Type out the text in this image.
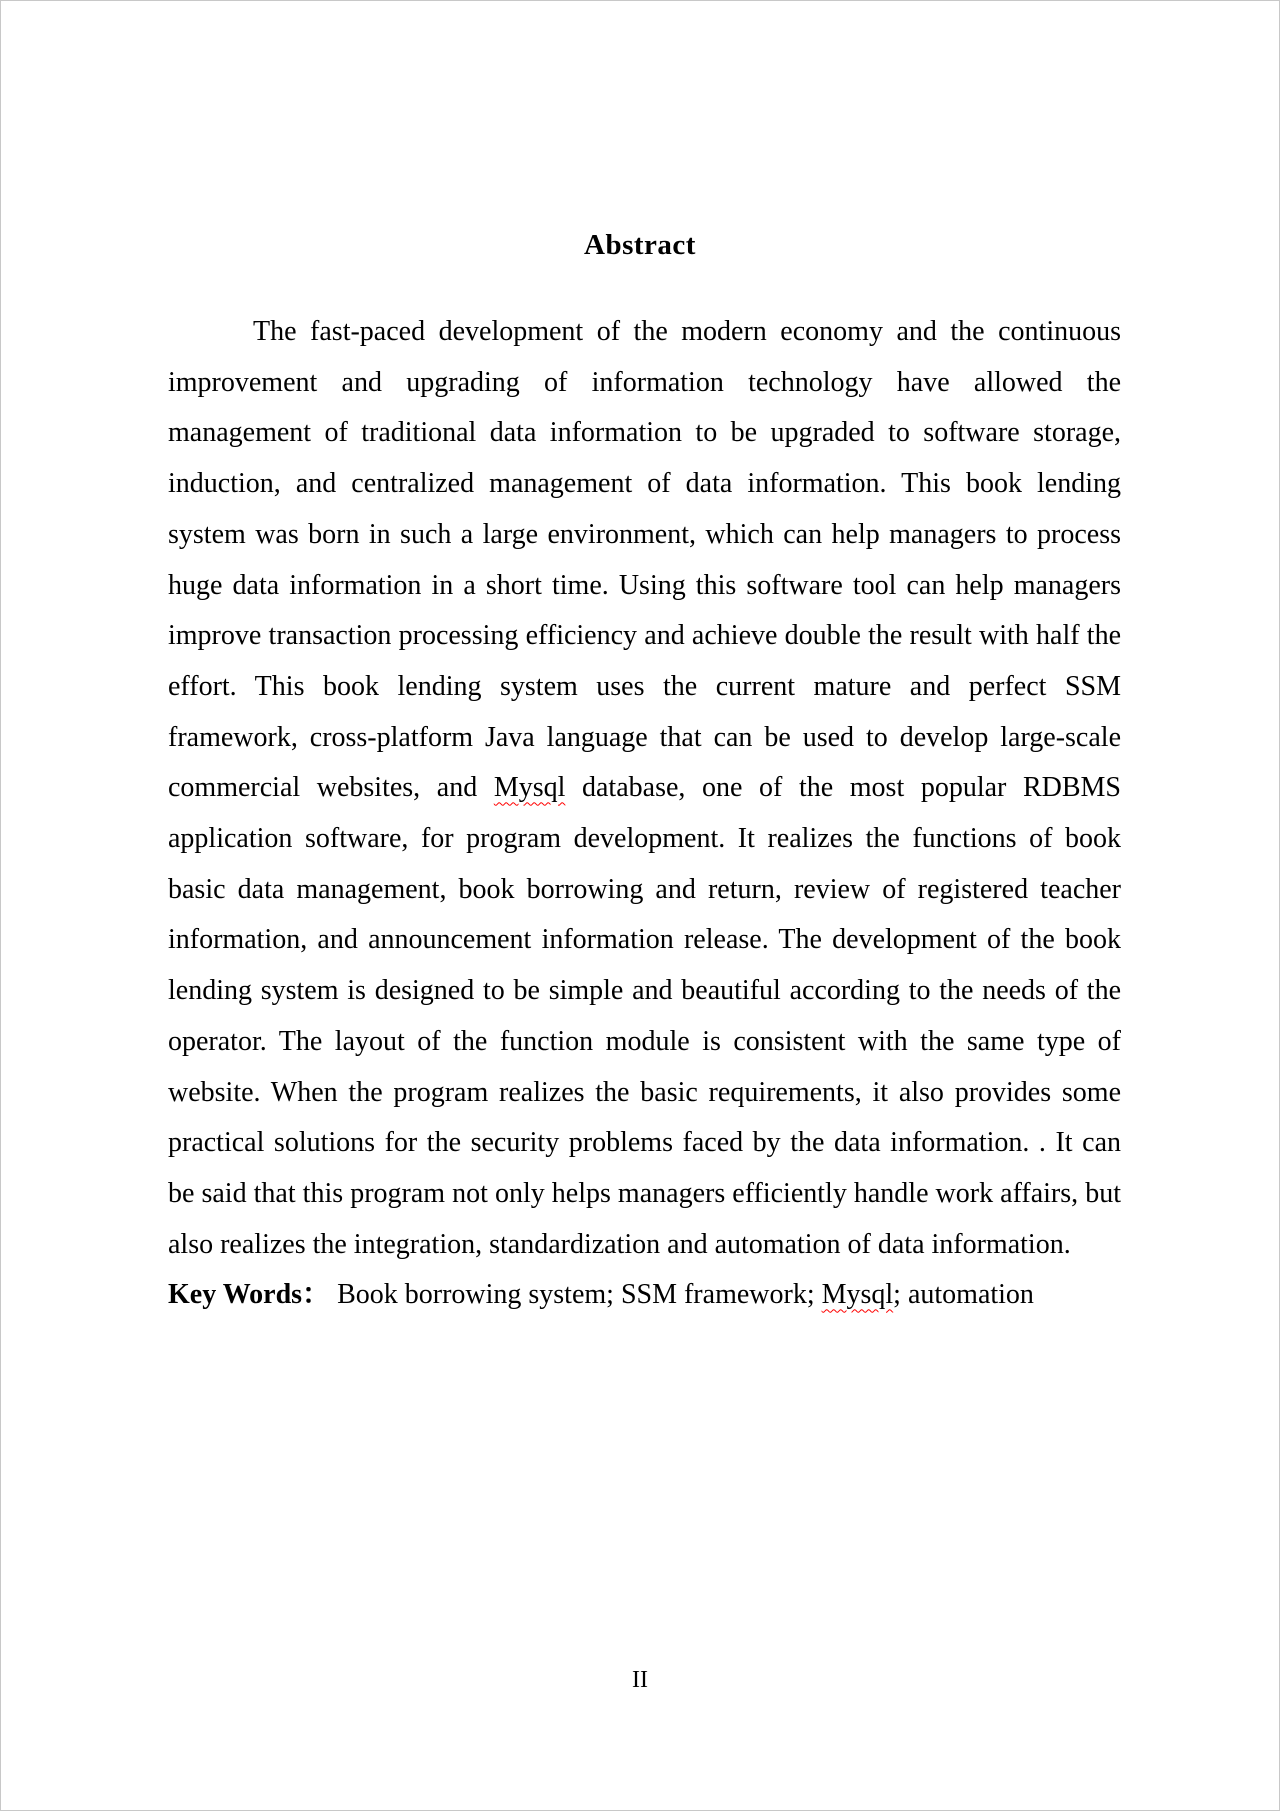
Abstract

The fast-paced development of the modern economy and the continuous improvement and upgrading of information technology have allowed the management of traditional data information to be upgraded to software storage, induction, and centralized management of data information. This book lending system was born in such a large environment, which can help managers to process huge data information in a short time. Using this software tool can help managers improve transaction processing efficiency and achieve double the result with half the effort. This book lending system uses the current mature and perfect SSM framework, cross-platform Java language that can be used to develop large-scale commercial websites, and Mysql database, one of the most popular RDBMS application software, for program development. It realizes the functions of book basic data management, book borrowing and return, review of registered teacher information, and announcement information release. The development of the book lending system is designed to be simple and beautiful according to the needs of the operator. The layout of the function module is consistent with the same type of website. When the program realizes the basic requirements, it also provides some practical solutions for the security problems faced by the data information. . It can be said that this program not only helps managers efficiently handle work affairs, but also realizes the integration, standardization and automation of data information.

Key Words： Book borrowing system; SSM framework; Mysql; automation

II
